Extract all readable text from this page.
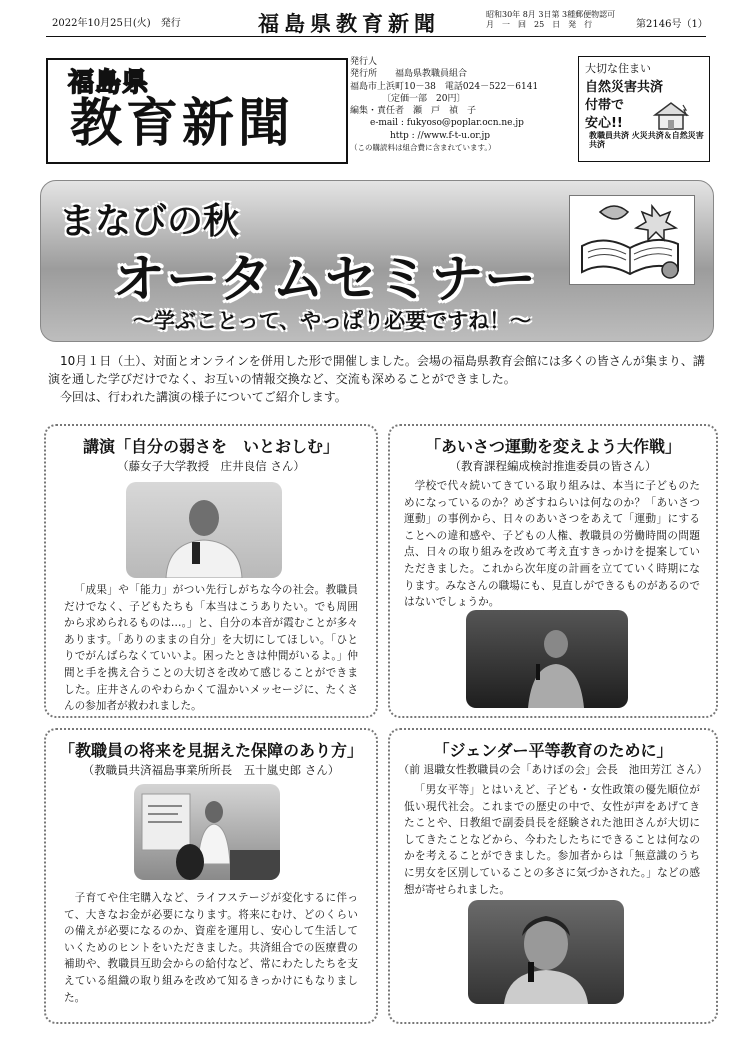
2022年10月25日(火)　発行	福島県教育新聞	昭和30年 8月 3日第 3種郵便物認可
月　一　回　25　日　発　行	第2146号（1）
福島県
教育新聞
発行人
発行所　　福島県教職員組合
福島市上浜町10－38　電話024－522－6141
〔定価一部　20円〕
編集・責任者　瀬　戸　禎　子
e-mail : fukyoso@poplar.ocn.ne.jp
http : //www.f-t-u.or.jp
（この購読料は組合費に含まれています。）
大切な住まい
自然災害共済
付帯で
安心!!
教職員共済 火災共済＆自然災害共済
まなびの秋
オータムセミナー
～学ぶことって、やっぱり必要ですね！～

10月１日（土）、対面とオンラインを併用した形で開催しました。会場の福島県教育会館には多くの皆さんが集まり、講演を通した学びだけでなく、お互いの情報交換など、交流も深めることができました。

今回は、行われた講演の様子についてご紹介します。

講演「自分の弱さを　いとおしむ」
（藤女子大学教授　庄井良信 さん）

「成果」や「能力」がつい先行しがちな今の社会。教職員だけでなく、子どもたちも「本当はこうありたい。でも周囲から求められるものは…。」と、自分の本音が霞むことが多々あります。「ありのままの自分」を大切にしてほしい。「ひとりでがんばらなくていいよ。困ったときは仲間がいるよ。」仲間と手を携え合うことの大切さを改めて感じることができました。庄井さんのやわらかくて温かいメッセージに、たくさんの参加者が救われました。

「あいさつ運動を変えよう大作戦」
（教育課程編成検討推進委員の皆さん）

学校で代々続いてきている取り組みは、本当に子どものためになっているのか？めざすねらいは何なのか？「あいさつ運動」の事例から、日々のあいさつをあえて「運動」にすることへの違和感や、子どもの人権、教職員の労働時間の問題点、日々の取り組みを改めて考え直すきっかけを提案していただきました。これから次年度の計画を立てていく時期になります。みなさんの職場にも、見直しができるものがあるのではないでしょうか。

「教職員の将来を見据えた保障のあり方」
（教職員共済福島事業所所長　五十嵐史郎 さん）

子育てや住宅購入など、ライフステージが変化するに伴って、大きなお金が必要になります。将来にむけ、どのくらいの備えが必要になるのか、資産を運用し、安心して生活していくためのヒントをいただきました。共済組合での医療費の補助や、教職員互助会からの給付など、常にわたしたちを支えている組織の取り組みを改めて知るきっかけにもなりました。

「ジェンダー平等教育のために」
（前 退職女性教職員の会「あけぼの会」会長　池田芳江 さん）

「男女平等」とはいえど、子ども・女性政策の優先順位が低い現代社会。これまでの歴史の中で、女性が声をあげてきたことや、日教組で副委員長を経験された池田さんが大切にしてきたことなどから、今わたしたちにできることは何なのかを考えることができました。参加者からは「無意識のうちに男女を区別していることの多さに気づかされた。」などの感想が寄せられました。
